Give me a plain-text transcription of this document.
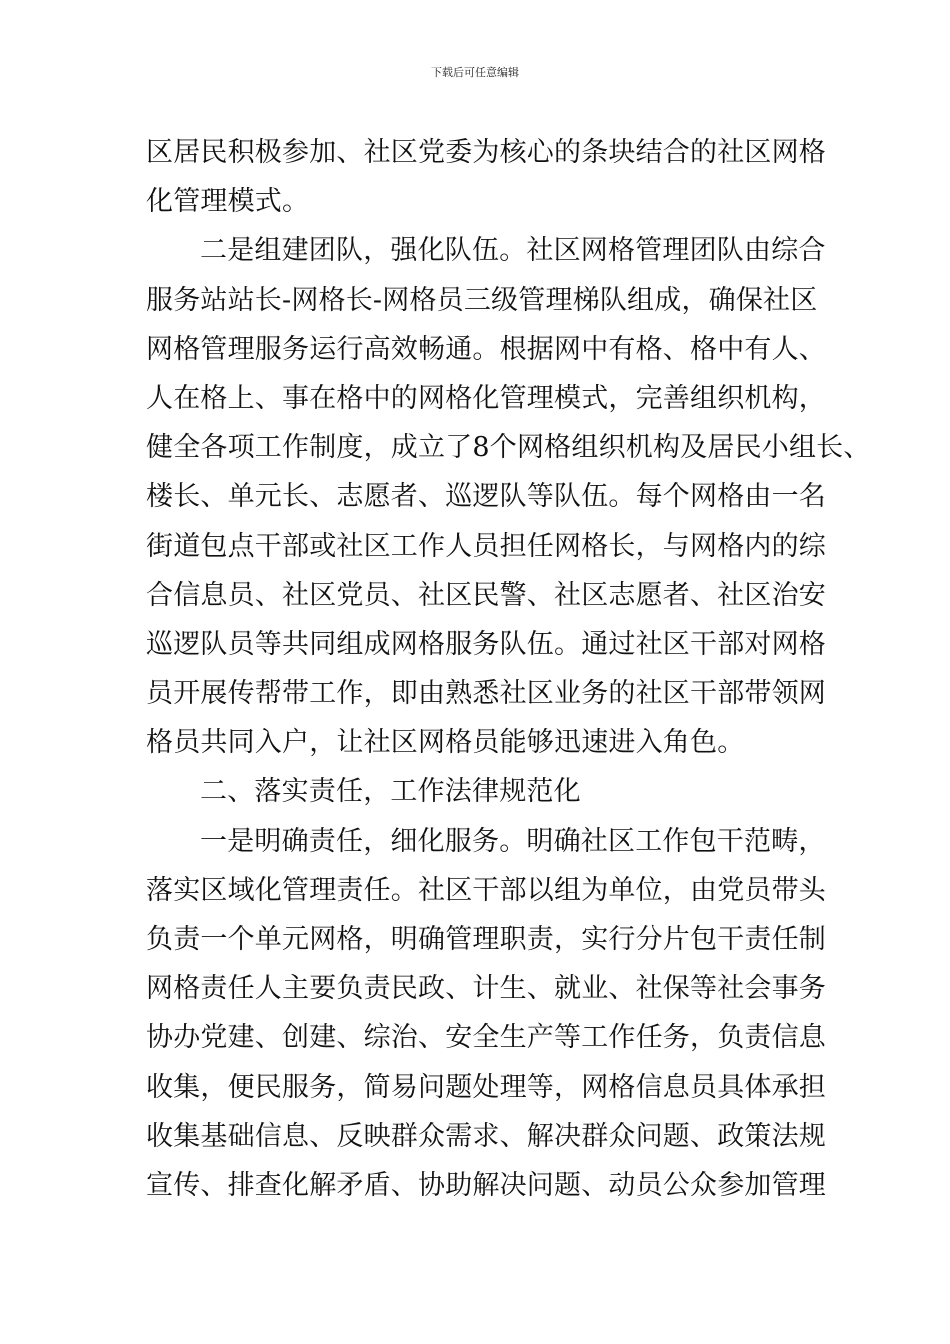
下载后可任意编辑
区居民积极参加、社区党委为核心的条块结合的社区网格
化管理模式。
二是组建团队，强化队伍。社区网格管理团队由综合
服务站站长-网格长-网格员三级管理梯队组成，确保社区
网格管理服务运行高效畅通。根据网中有格、格中有人、
人在格上、事在格中的网格化管理模式，完善组织机构，
健全各项工作制度，成立了8个网格组织机构及居民小组长、
楼长、单元长、志愿者、巡逻队等队伍。每个网格由一名
街道包点干部或社区工作人员担任网格长，与网格内的综
合信息员、社区党员、社区民警、社区志愿者、社区治安
巡逻队员等共同组成网格服务队伍。通过社区干部对网格
员开展传帮带工作，即由熟悉社区业务的社区干部带领网
格员共同入户，让社区网格员能够迅速进入角色。
二、落实责任，工作法律规范化
一是明确责任，细化服务。明确社区工作包干范畴，
落实区域化管理责任。社区干部以组为单位，由党员带头
负责一个单元网格，明确管理职责，实行分片包干责任制
网格责任人主要负责民政、计生、就业、社保等社会事务
协办党建、创建、综治、安全生产等工作任务，负责信息
收集，便民服务，简易问题处理等，网格信息员具体承担
收集基础信息、反映群众需求、解决群众问题、政策法规
宣传、排查化解矛盾、协助解决问题、动员公众参加管理
